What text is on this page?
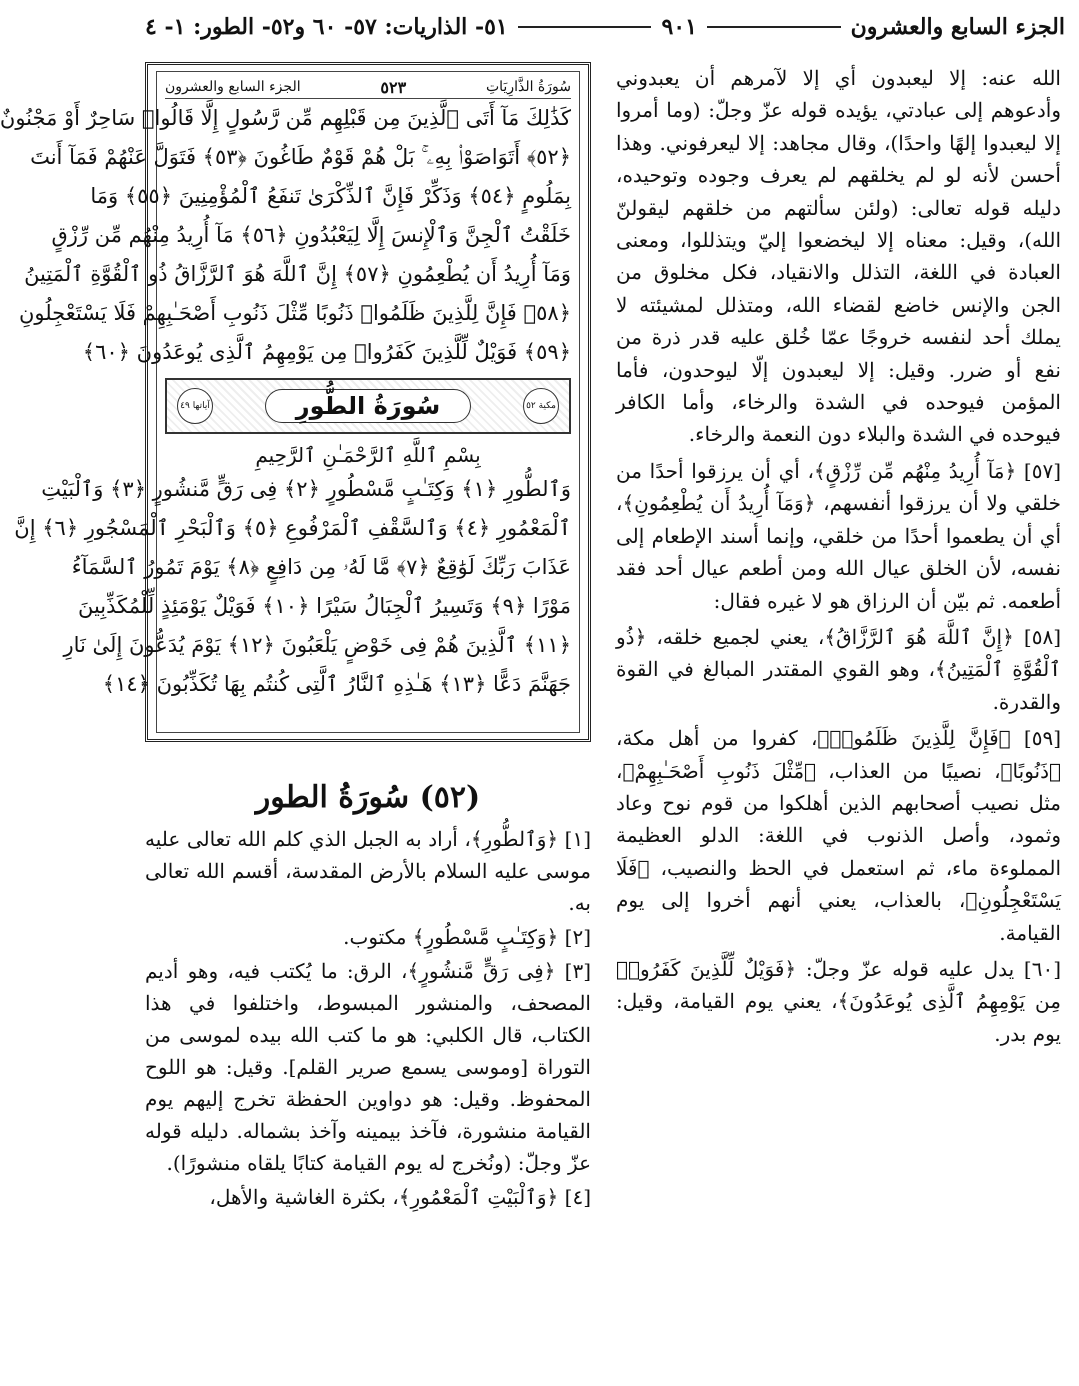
الجزء السابع والعشرون
٩٠١
٥١- الذاريات: ٥٧- ٦٠ و٥٢- الطور: ١- ٤

الله عنه: إلا ليعبدون أي إلا لآمرهم أن يعبدوني وأدعوهم إلى عبادتي، يؤيده قوله عزّ وجلّ: (وما أمروا إلا ليعبدوا إلهًا واحدًا)، وقال مجاهد: إلا ليعرفوني. وهذا أحسن لأنه لو لم يخلقهم لم يعرف وجوده وتوحيده، دليله قوله تعالى: (ولئن سألتهم من خلقهم ليقولنّ الله)، وقيل: معناه إلا ليخضعوا إليّ ويتذللوا، ومعنى العبادة في اللغة، التذلل والانقياد، فكل مخلوق من الجن والإنس خاضع لقضاء الله، ومتذلل لمشيئته لا يملك أحد لنفسه خروجًا عمّا خُلق عليه قدر ذرة من نفع أو ضرر. وقيل: إلا ليعبدون إلّا ليوحدون، فأما المؤمن فيوحده في الشدة والرخاء، وأما الكافر فيوحده في الشدة والبلاء دون النعمة والرخاء.

[٥٧] ﴿مَآ أُرِيدُ مِنْهُم مِّن رِّزْقٍ﴾، أي أن يرزقوا أحدًا من خلقي ولا أن يرزقوا أنفسهم، ﴿وَمَآ أُرِيدُ أَن يُطْعِمُونِ﴾، أي أن يطعموا أحدًا من خلقي، وإنما أسند الإطعام إلى نفسه، لأن الخلق عيال الله ومن أطعم عيال أحد فقد أطعمه. ثم بيّن أن الرزاق هو لا غيره فقال:

[٥٨] ﴿إِنَّ ٱللَّهَ هُوَ ٱلرَّزَّاقُ﴾، يعني لجميع خلقه، ﴿ذُو ٱلْقُوَّةِ ٱلْمَتِينُ﴾، وهو القوي المقتدر المبالغ في القوة والقدرة.

[٥٩] ﴿فَإِنَّ لِلَّذِينَ ظَلَمُوا۟﴾، كفروا من أهل مكة، ﴿ذَنُوبًا﴾، نصيبًا من العذاب، ﴿مِّثْلَ ذَنُوبِ أَصْحَـٰبِهِمْ﴾، مثل نصيب أصحابهم الذين أهلكوا من قوم نوح وعاد وثمود، وأصل الذنوب في اللغة: الدلو العظيمة المملوءة ماء، ثم استعمل في الحظ والنصيب، ﴿فَلَا يَسْتَعْجِلُونِ﴾، بالعذاب، يعني أنهم أخروا إلى يوم القيامة.

[٦٠] يدل عليه قوله عزّ وجلّ: ﴿فَوَيْلٌ لِّلَّذِينَ كَفَرُوا۟ مِن يَوْمِهِمُ ٱلَّذِى يُوعَدُونَ﴾، يعني يوم القيامة، وقيل: يوم بدر.

سُورَةُ الذَّارِيَاتِ
٥٢٣
الجزء السابع والعشرون
كَذَٰلِكَ مَآ أَتَى ٱلَّذِينَ مِن قَبْلِهِم مِّن رَّسُولٍ إِلَّا قَالُوا۟ سَاحِرٌ أَوْ مَجْنُونٌ
﴿٥٢﴾ أَتَوَاصَوْا۟ بِهِۦ ۚ بَلْ هُمْ قَوْمٌ طَاغُونَ ﴿٥٣﴾ فَتَوَلَّ عَنْهُمْ فَمَآ أَنتَ
بِمَلُومٍ ﴿٥٤﴾ وَذَكِّرْ فَإِنَّ ٱلذِّكْرَىٰ تَنفَعُ ٱلْمُؤْمِنِينَ ﴿٥٥﴾ وَمَا
خَلَقْتُ ٱلْجِنَّ وَٱلْإِنسَ إِلَّا لِيَعْبُدُونِ ﴿٥٦﴾ مَآ أُرِيدُ مِنْهُم مِّن رِّزْقٍ
وَمَآ أُرِيدُ أَن يُطْعِمُونِ ﴿٥٧﴾ إِنَّ ٱللَّهَ هُوَ ٱلرَّزَّاقُ ذُو ٱلْقُوَّةِ ٱلْمَتِينُ
﴿٥٨﴾ فَإِنَّ لِلَّذِينَ ظَلَمُوا۟ ذَنُوبًا مِّثْلَ ذَنُوبِ أَصْحَـٰبِهِمْ فَلَا يَسْتَعْجِلُونِ
﴿٥٩﴾ فَوَيْلٌ لِّلَّذِينَ كَفَرُوا۟ مِن يَوْمِهِمُ ٱلَّذِى يُوعَدُونَ ﴿٦٠﴾
مكية ٥٢
سُورَةُ الطُّورِ
آياتها ٤٩
بِسْمِ ٱللَّهِ ٱلرَّحْمَـٰنِ ٱلرَّحِيمِ
وَٱلطُّورِ ﴿١﴾ وَكِتَـٰبٍ مَّسْطُورٍ ﴿٢﴾ فِى رَقٍّ مَّنشُورٍ ﴿٣﴾ وَٱلْبَيْتِ
ٱلْمَعْمُورِ ﴿٤﴾ وَٱلسَّقْفِ ٱلْمَرْفُوعِ ﴿٥﴾ وَٱلْبَحْرِ ٱلْمَسْجُورِ ﴿٦﴾ إِنَّ
عَذَابَ رَبِّكَ لَوَٰقِعٌ ﴿٧﴾ مَّا لَهُۥ مِن دَافِعٍ ﴿٨﴾ يَوْمَ تَمُورُ ٱلسَّمَآءُ
مَوْرًا ﴿٩﴾ وَتَسِيرُ ٱلْجِبَالُ سَيْرًا ﴿١٠﴾ فَوَيْلٌ يَوْمَئِذٍ لِّلْمُكَذِّبِينَ
﴿١١﴾ ٱلَّذِينَ هُمْ فِى خَوْضٍ يَلْعَبُونَ ﴿١٢﴾ يَوْمَ يُدَعُّونَ إِلَىٰ نَارِ
جَهَنَّمَ دَعًّا ﴿١٣﴾ هَـٰذِهِ ٱلنَّارُ ٱلَّتِى كُنتُم بِهَا تُكَذِّبُونَ ﴿١٤﴾
(٥٢) سُورَةُ الطور

[١] ﴿وَٱلطُّورِ﴾، أراد به الجبل الذي كلم الله تعالى عليه موسى عليه السلام بالأرض المقدسة، أقسم الله تعالى به.

[٢] ﴿وَكِتَـٰبٍ مَّسْطُورٍ﴾ مكتوب.

[٣] ﴿فِى رَقٍّ مَّنشُورٍ﴾، الرق: ما يُكتب فيه، وهو أديم المصحف، والمنشور المبسوط، واختلفوا في هذا الكتاب، قال الكلبي: هو ما كتب الله بيده لموسى من التوراة [وموسى يسمع صرير القلم]. وقيل: هو اللوح المحفوظ. وقيل: هو دواوين الحفظة تخرج إليهم يوم القيامة منشورة، فآخذ بيمينه وآخذ بشماله. دليله قوله عزّ وجلّ: (ونُخرج له يوم القيامة كتابًا يلقاه منشورًا).

[٤] ﴿وَٱلْبَيْتِ ٱلْمَعْمُورِ﴾، بكثرة الغاشية والأهل،
